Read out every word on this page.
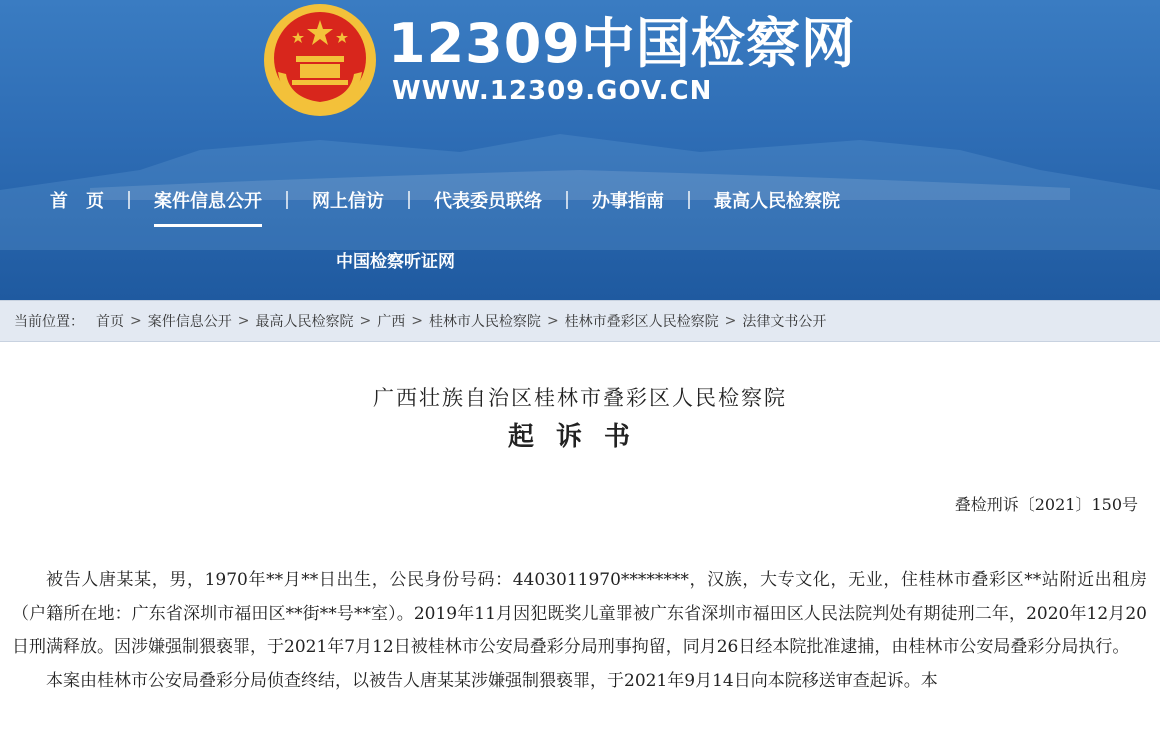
12309中国检察网
WWW.12309.GOV.CN
首　页	案件信息公开	网上信访	代表委员联络	办事指南	最高人民检察院
中国检察听证网
当前位置： 首页 > 案件信息公开 > 最高人民检察院 > 广西 > 桂林市人民检察院 > 桂林市叠彩区人民检察院 > 法律文书公开
广西壮族自治区桂林市叠彩区人民检察院
起诉书
叠检刑诉〔2021〕150号

被告人唐某某，男，1970年**月**日出生，公民身份号码：4403011970********，汉族，大专文化，无业，住桂林市叠彩区**站附近出租房（户籍所在地：广东省深圳市福田区**街**号**室）。2019年11月因犯既奖儿童罪被广东省深圳市福田区人民法院判处有期徒刑二年，2020年12月20日刑满释放。因涉嫌强制猥亵罪，于2021年7月12日被桂林市公安局叠彩分局刑事拘留，同月26日经本院批准逮捕，由桂林市公安局叠彩分局执行。

本案由桂林市公安局叠彩分局侦查终结，以被告人唐某某涉嫌强制猥亵罪，于2021年9月14日向本院移送审查起诉。本
